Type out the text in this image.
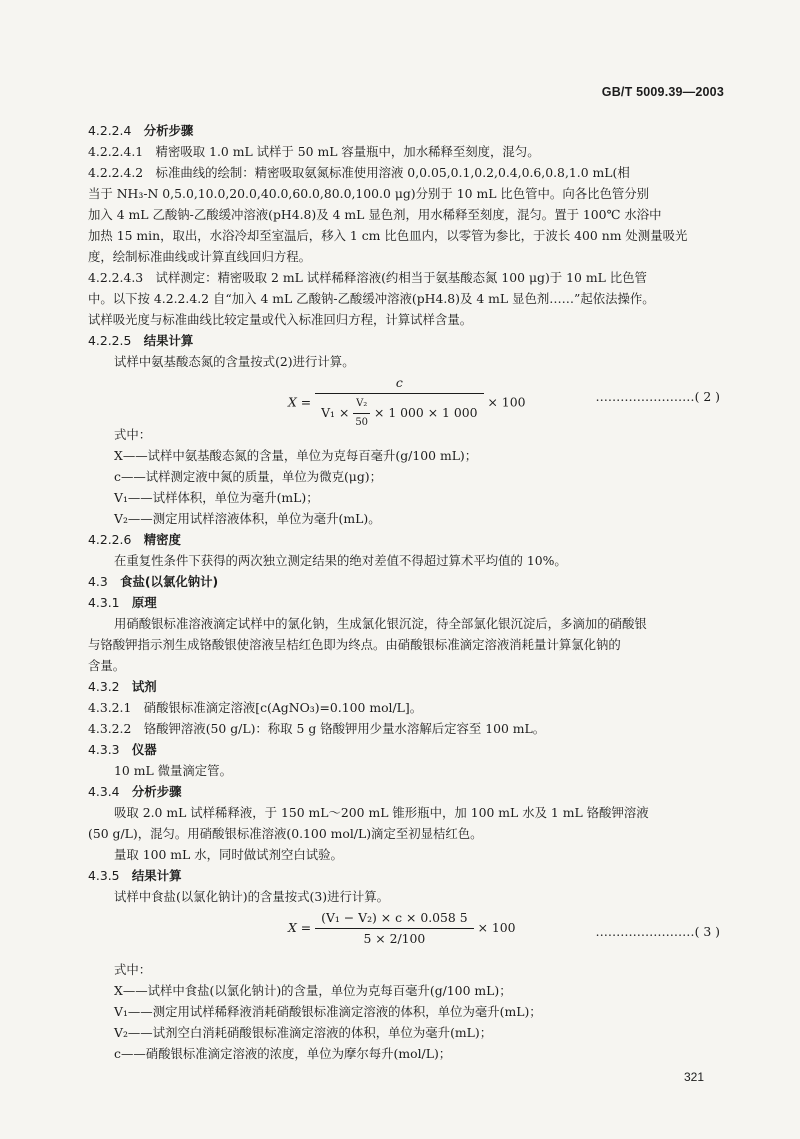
GB/T 5009.39—2003
4.2.2.4　 分析步骤
4.2.2.4.1　精密吸取 1.0 mL 试样于 50 mL 容量瓶中，加水稀释至刻度，混匀。
4.2.2.4.2　标准曲线的绘制：精密吸取氨氮标准使用溶液 0,0.05,0.1,0.2,0.4,0.6,0.8,1.0 mL(相
当于 NH₃-N 0,5.0,10.0,20.0,40.0,60.0,80.0,100.0 μg)分别于 10 mL 比色管中。向各比色管分别
加入 4 mL 乙酸钠-乙酸缓冲溶液(pH4.8)及 4 mL 显色剂，用水稀释至刻度，混匀。置于 100℃ 水浴中
加热 15 min，取出，水浴冷却至室温后，移入 1 cm 比色皿内，以零管为参比，于波长 400 nm 处测量吸光
度，绘制标准曲线或计算直线回归方程。
4.2.2.4.3　试样测定：精密吸取 2 mL 试样稀释溶液(约相当于氨基酸态氮 100 μg)于 10 mL 比色管
中。以下按 4.2.2.4.2 自“加入 4 mL 乙酸钠-乙酸缓冲溶液(pH4.8)及 4 mL 显色剂……”起依法操作。
试样吸光度与标准曲线比较定量或代入标准回归方程，计算试样含量。
4.2.2.5　 结果计算
试样中氨基酸态氮的含量按式(2)进行计算。
$X = \frac{c}{V_1 \times \frac{\text{V₂}}{50} \times 1 000 \times 1 000} \times 100$	……………………( 2 )
式中：
X——试样中氨基酸态氮的含量，单位为克每百毫升(g/100 mL)；
c——试样测定液中氮的质量，单位为微克(μg)；
V₁——试样体积，单位为毫升(mL)；
V₂——测定用试样溶液体积，单位为毫升(mL)。
4.2.2.6　 精密度
在重复性条件下获得的两次独立测定结果的绝对差值不得超过算术平均值的 10%。
4.3　 食盐(以氯化钠计)
4.3.1　 原理
用硝酸银标准溶液滴定试样中的氯化钠，生成氯化银沉淀，待全部氯化银沉淀后，多滴加的硝酸银
与铬酸钾指示剂生成铬酸银使溶液呈桔红色即为终点。由硝酸银标准滴定溶液消耗量计算氯化钠的
含量。
4.3.2　 试剂
4.3.2.1　硝酸银标准滴定溶液[c(AgNO₃)=0.100 mol/L]。
4.3.2.2　铬酸钾溶液(50 g/L)：称取 5 g 铬酸钾用少量水溶解后定容至 100 mL。
4.3.3　 仪器
10 mL 微量滴定管。
4.3.4　 分析步骤
吸取 2.0 mL 试样稀释液，于 150 mL～200 mL 锥形瓶中，加 100 mL 水及 1 mL 铬酸钾溶液
(50 g/L)，混匀。用硝酸银标准溶液(0.100 mol/L)滴定至初显桔红色。
量取 100 mL 水，同时做试剂空白试验。
4.3.5　 结果计算
试样中食盐(以氯化钠计)的含量按式(3)进行计算。
$X = \frac{\text{(V₁ − V₂) × c × 0.058 5}}{5 \times 2/100} \times 100$	……………………( 3 )
式中：
X——试样中食盐(以氯化钠计)的含量，单位为克每百毫升(g/100 mL)；
V₁——测定用试样稀释液消耗硝酸银标准滴定溶液的体积，单位为毫升(mL)；
V₂——试剂空白消耗硝酸银标准滴定溶液的体积，单位为毫升(mL)；
c——硝酸银标准滴定溶液的浓度，单位为摩尔每升(mol/L)；
321
